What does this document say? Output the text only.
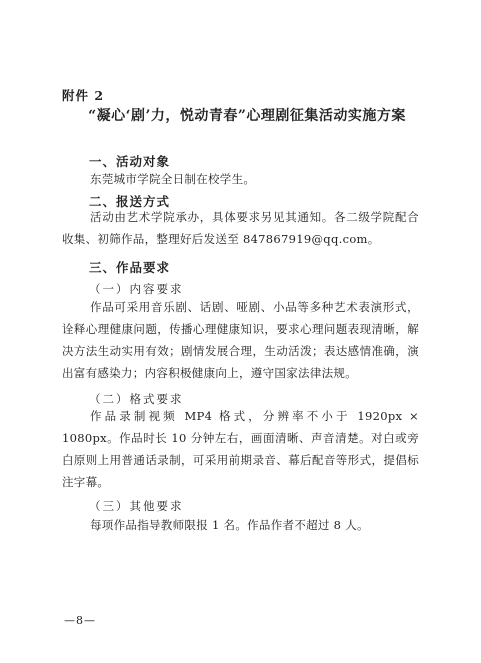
附件 2
“凝心‘剧’力，悦动青春”心理剧征集活动实施方案
一、活动对象
东莞城市学院全日制在校学生。
二、报送方式
活动由艺术学院承办，具体要求另见其通知。各二级学院配合收集、初筛作品，整理好后发送至 847867919@qq.com。
三、作品要求
（一）内容要求
作品可采用音乐剧、话剧、哑剧、小品等多种艺术表演形式，诠释心理健康问题，传播心理健康知识，要求心理问题表现清晰，解决方法生动实用有效；剧情发展合理，生动活泼；表达感情准确，演出富有感染力；内容积极健康向上，遵守国家法律法规。
（二）格式要求
作品录制视频 MP4 格式，分辨率不小于 1920px × 1080px。作品时长 10 分钟左右，画面清晰、声音清楚。对白或旁白原则上用普通话录制，可采用前期录音、幕后配音等形式，提倡标注字幕。
（三）其他要求
每项作品指导教师限报 1 名。作品作者不超过 8 人。
—8—
